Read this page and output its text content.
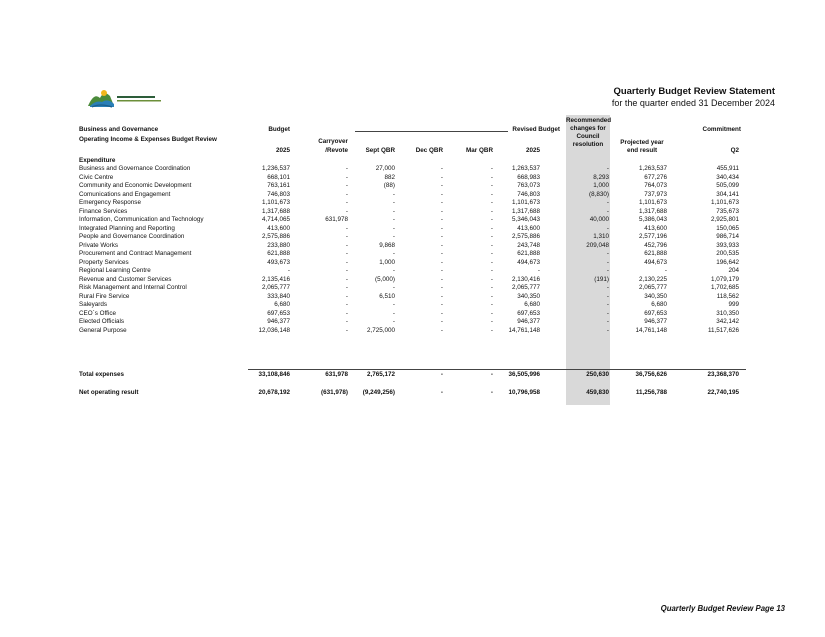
Quarterly Budget Review Statement
for the quarter ended 31 December 2024
Business and Governance
Operating Income & Expenses Budget Review
Expenditure
Budget
2025
Carryover
/Revote	Sept QBR	Dec QBR	Mar QBR
Revised Budget
2025
Recommended
changes for
Council
resolution	Projected year
end result
Commitment
Q2
Business and Governance Coordination	1,236,537	-	27,000	-	-	1,263,537	-	1,263,537	455,911
Civic Centre	668,101	-	882	-	-	668,983	8,293	677,276	340,434
Community and Economic Development	763,161	-	(88)	-	-	763,073	1,000	764,073	505,099
Comunications and Engagement	746,803	-	-	-	-	746,803	(8,830)	737,973	304,141
Emergency Response	1,101,673	-	-	-	-	1,101,673	-	1,101,673	1,101,673
Finance Services	1,317,688	-	-	-	-	1,317,688	-	1,317,688	735,673
Information, Communication and Technology	4,714,065	631,978	-	-	-	5,346,043	40,000	5,386,043	2,925,801
Integrated Planning and Reporting	413,600	-	-	-	-	413,600	-	413,600	150,065
People and Governance Coordination	2,575,886	-	-	-	-	2,575,886	1,310	2,577,196	986,714
Private Works	233,880	-	9,868	-	-	243,748	209,048	452,796	393,933
Procurement and Contract Management	621,888	-	-	-	-	621,888	-	621,888	200,535
Property Services	493,673	-	1,000	-	-	494,673	-	494,673	196,642
Regional Learning Centre	-	-	-	-	-	-	-	-	204
Revenue and Customer Services	2,135,416	-	(5,000)	-	-	2,130,416	(191)	2,130,225	1,079,179
Risk Management and Internal Control	2,065,777	-	-	-	-	2,065,777	-	2,065,777	1,702,685
Rural Fire Service	333,840	-	6,510	-	-	340,350	-	340,350	118,562
Saleyards	6,680	-	-	-	-	6,680	-	6,680	999
CEO`s Office	697,653	-	-	-	-	697,653	-	697,653	310,350
Elected Officials	946,377	-	-	-	-	946,377	-	946,377	342,142
General Purpose	12,036,148	-	2,725,000	-	- 14,761,148	-	14,761,148	11,517,626
Total expenses	33,108,846	631,978	2,765,172	-	- 36,505,996	250,630	36,756,626	23,368,370
Net operating result	20,678,192	(631,978) (9,249,256)	-	- 10,796,958	459,830	11,256,788	22,740,195
Quarterly Budget Review Page 13
